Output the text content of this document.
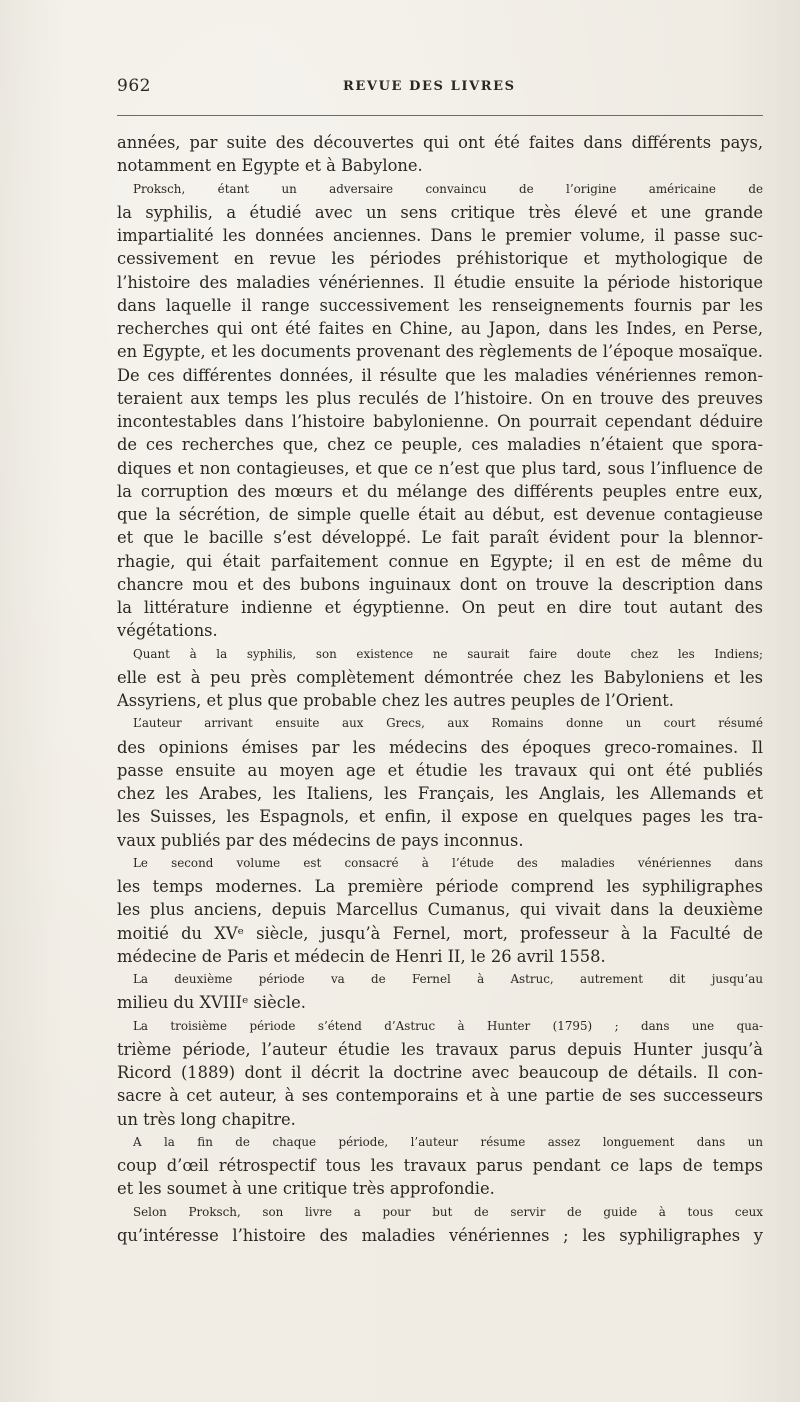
962	REVUE DES LIVRES
années, par suite des découvertes qui ont été faites dans différents pays,
notamment en Egypte et à Babylone.
Proksch, étant un adversaire convaincu de l’origine américaine de
la syphilis, a étudié avec un sens critique très élevé et une grande
impartialité les données anciennes. Dans le premier volume, il passe suc-
cessivement en revue les périodes préhistorique et mythologique de
l’histoire des maladies vénériennes. Il étudie ensuite la période historique
dans laquelle il range successivement les renseignements fournis par les
recherches qui ont été faites en Chine, au Japon, dans les Indes, en Perse,
en Egypte, et les documents provenant des règlements de l’époque mosaïque.
De ces différentes données, il résulte que les maladies vénériennes remon-
teraient aux temps les plus reculés de l’histoire. On en trouve des preuves
incontestables dans l’histoire babylonienne. On pourrait cependant déduire
de ces recherches que, chez ce peuple, ces maladies n’étaient que spora-
diques et non contagieuses, et que ce n’est que plus tard, sous l’influence de
la corruption des mœurs et du mélange des différents peuples entre eux,
que la sécrétion, de simple quelle était au début, est devenue contagieuse
et que le bacille s’est développé. Le fait paraît évident pour la blennor-
rhagie, qui était parfaitement connue en Egypte; il en est de même du
chancre mou et des bubons inguinaux dont on trouve la description dans
la littérature indienne et égyptienne. On peut en dire tout autant des
végétations.
Quant à la syphilis, son existence ne saurait faire doute chez les Indiens;
elle est à peu près complètement démontrée chez les Babyloniens et les
Assyriens, et plus que probable chez les autres peuples de l’Orient.
L’auteur arrivant ensuite aux Grecs, aux Romains donne un court résumé
des opinions émises par les médecins des époques greco-romaines. Il
passe ensuite au moyen age et étudie les travaux qui ont été publiés
chez les Arabes, les Italiens, les Français, les Anglais, les Allemands et
les Suisses, les Espagnols, et enfin, il expose en quelques pages les tra-
vaux publiés par des médecins de pays inconnus.
Le second volume est consacré à l’étude des maladies vénériennes dans
les temps modernes. La première période comprend les syphiligraphes
les plus anciens, depuis Marcellus Cumanus, qui vivait dans la deuxième
moitié du XVᵉ siècle, jusqu’à Fernel, mort, professeur à la Faculté de
médecine de Paris et médecin de Henri II, le 26 avril 1558.
La deuxième période va de Fernel à Astruc, autrement dit jusqu’au
milieu du XVIIIᵉ siècle.
La troisième période s’étend d’Astruc à Hunter (1795) ; dans une qua-
trième période, l’auteur étudie les travaux parus depuis Hunter jusqu’à
Ricord (1889) dont il décrit la doctrine avec beaucoup de détails. Il con-
sacre à cet auteur, à ses contemporains et à une partie de ses successeurs
un très long chapitre.
A la fin de chaque période, l’auteur résume assez longuement dans un
coup d’œil rétrospectif tous les travaux parus pendant ce laps de temps
et les soumet à une critique très approfondie.
Selon Proksch, son livre a pour but de servir de guide à tous ceux
qu’intéresse l’histoire des maladies vénériennes ; les syphiligraphes y
